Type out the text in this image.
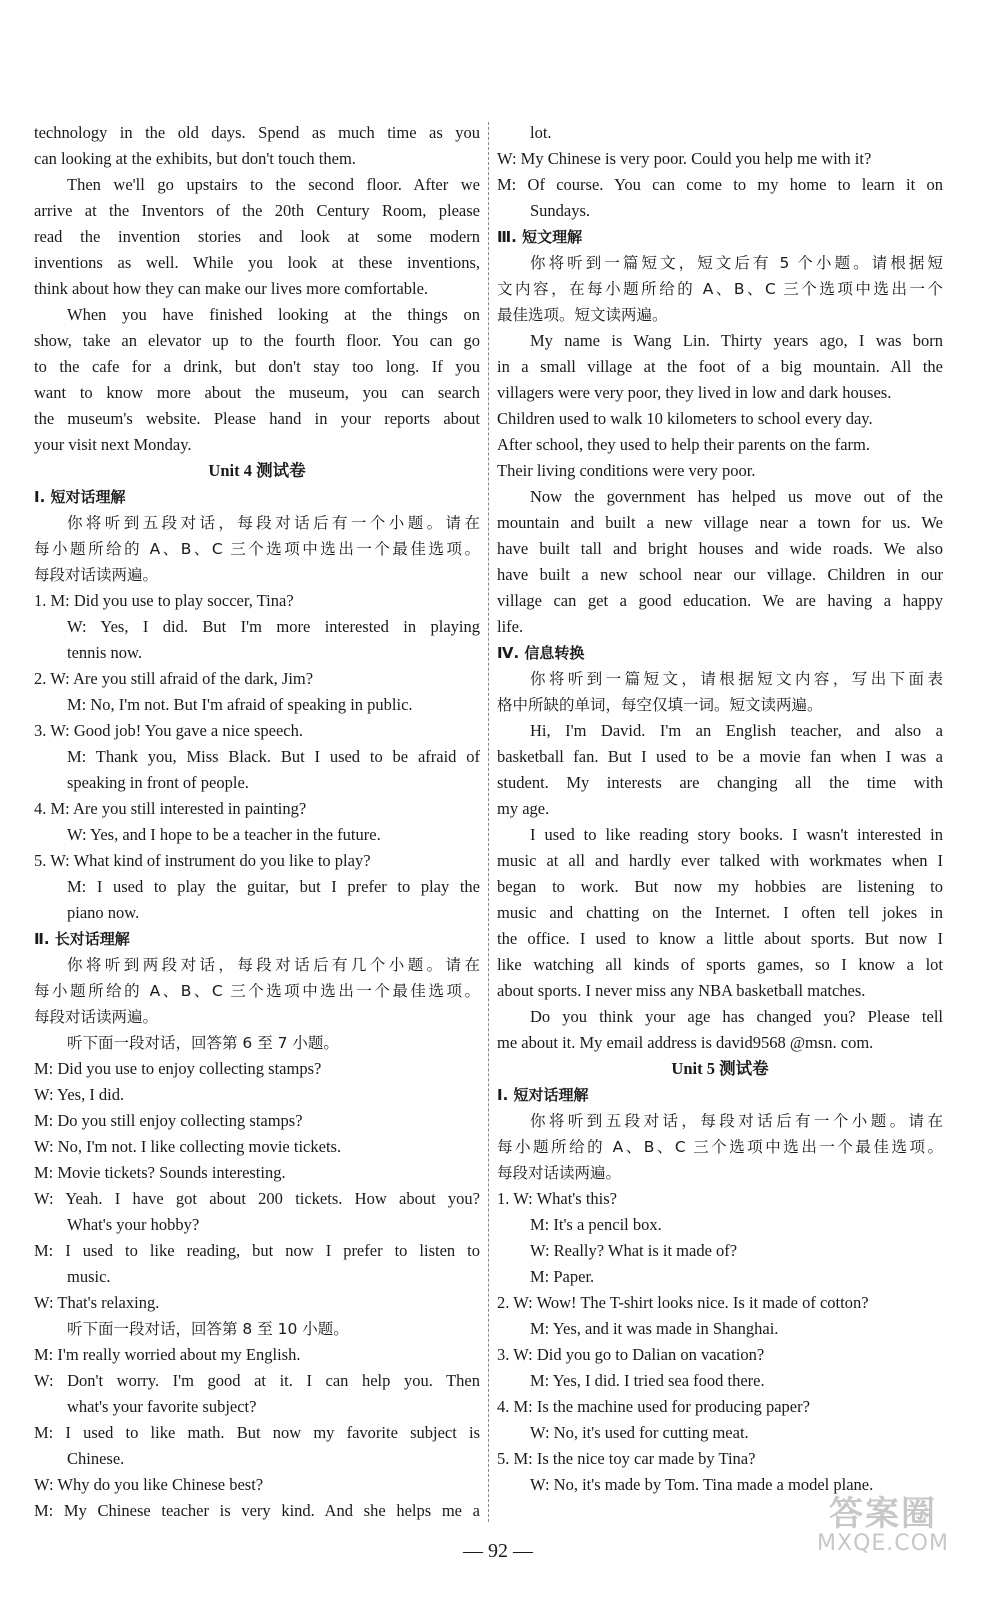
technology in the old days. Spend as much time as you
can looking at the exhibits, but don't touch them.
Then we'll go upstairs to the second floor. After we
arrive at the Inventors of the 20th Century Room, please
read the invention stories and look at some modern
inventions as well. While you look at these inventions,
think about how they can make our lives more comfortable.
When you have finished looking at the things on
show, take an elevator up to the fourth floor. You can go
to the cafe for a drink, but don't stay too long. If you
want to know more about the museum, you can search
the museum's website. Please hand in your reports about
your visit next Monday.
Unit 4 测试卷
Ⅰ. 短对话理解
你将听到五段对话，每段对话后有一个小题。请在
每小题所给的 A、B、C 三个选项中选出一个最佳选项。
每段对话读两遍。
1. M: Did you use to play soccer, Tina?
W: Yes, I did. But I'm more interested in playing
tennis now.
2. W: Are you still afraid of the dark, Jim?
M: No, I'm not. But I'm afraid of speaking in public.
3. W: Good job! You gave a nice speech.
M: Thank you, Miss Black. But I used to be afraid of
speaking in front of people.
4. M: Are you still interested in painting?
W: Yes, and I hope to be a teacher in the future.
5. W: What kind of instrument do you like to play?
M: I used to play the guitar, but I prefer to play the
piano now.
Ⅱ. 长对话理解
你将听到两段对话，每段对话后有几个小题。请在
每小题所给的 A、B、C 三个选项中选出一个最佳选项。
每段对话读两遍。
听下面一段对话，回答第 6 至 7 小题。
M: Did you use to enjoy collecting stamps?
W: Yes, I did.
M: Do you still enjoy collecting stamps?
W: No, I'm not. I like collecting movie tickets.
M: Movie tickets? Sounds interesting.
W: Yeah. I have got about 200 tickets. How about you?
What's your hobby?
M: I used to like reading, but now I prefer to listen to
music.
W: That's relaxing.
听下面一段对话，回答第 8 至 10 小题。
M: I'm really worried about my English.
W: Don't worry. I'm good at it. I can help you. Then
what's your favorite subject?
M: I used to like math. But now my favorite subject is
Chinese.
W: Why do you like Chinese best?
M: My Chinese teacher is very kind. And she helps me a
lot.
W: My Chinese is very poor. Could you help me with it?
M: Of course. You can come to my home to learn it on
Sundays.
Ⅲ. 短文理解
你将听到一篇短文，短文后有 5 个小题。请根据短
文内容，在每小题所给的 A、B、C 三个选项中选出一个
最佳选项。短文读两遍。
My name is Wang Lin. Thirty years ago, I was born
in a small village at the foot of a big mountain. All the
villagers were very poor, they lived in low and dark houses.
Children used to walk 10 kilometers to school every day.
After school, they used to help their parents on the farm.
Their living conditions were very poor.
Now the government has helped us move out of the
mountain and built a new village near a town for us. We
have built tall and bright houses and wide roads. We also
have built a new school near our village. Children in our
village can get a good education. We are having a happy
life.
Ⅳ. 信息转换
你将听到一篇短文，请根据短文内容，写出下面表
格中所缺的单词，每空仅填一词。短文读两遍。
Hi, I'm David. I'm an English teacher, and also a
basketball fan. But I used to be a movie fan when I was a
student. My interests are changing all the time with
my age.
I used to like reading story books. I wasn't interested in
music at all and hardly ever talked with workmates when I
began to work. But now my hobbies are listening to
music and chatting on the Internet. I often tell jokes in
the office. I used to know a little about sports. But now I
like watching all kinds of sports games, so I know a lot
about sports. I never miss any NBA basketball matches.
Do you think your age has changed you? Please tell
me about it. My email address is david9568 @msn. com.
Unit 5 测试卷
Ⅰ. 短对话理解
你将听到五段对话，每段对话后有一个小题。请在
每小题所给的 A、B、C 三个选项中选出一个最佳选项。
每段对话读两遍。
1. W: What's this?
M: It's a pencil box.
W: Really? What is it made of?
M: Paper.
2. W: Wow! The T-shirt looks nice. Is it made of cotton?
M: Yes, and it was made in Shanghai.
3. W: Did you go to Dalian on vacation?
M: Yes, I did. I tried sea food there.
4. M: Is the machine used for producing paper?
W: No, it's used for cutting meat.
5. M: Is the nice toy car made by Tina?
W: No, it's made by Tom. Tina made a model plane.
— 92 —
答案圈
MXQE.COM
